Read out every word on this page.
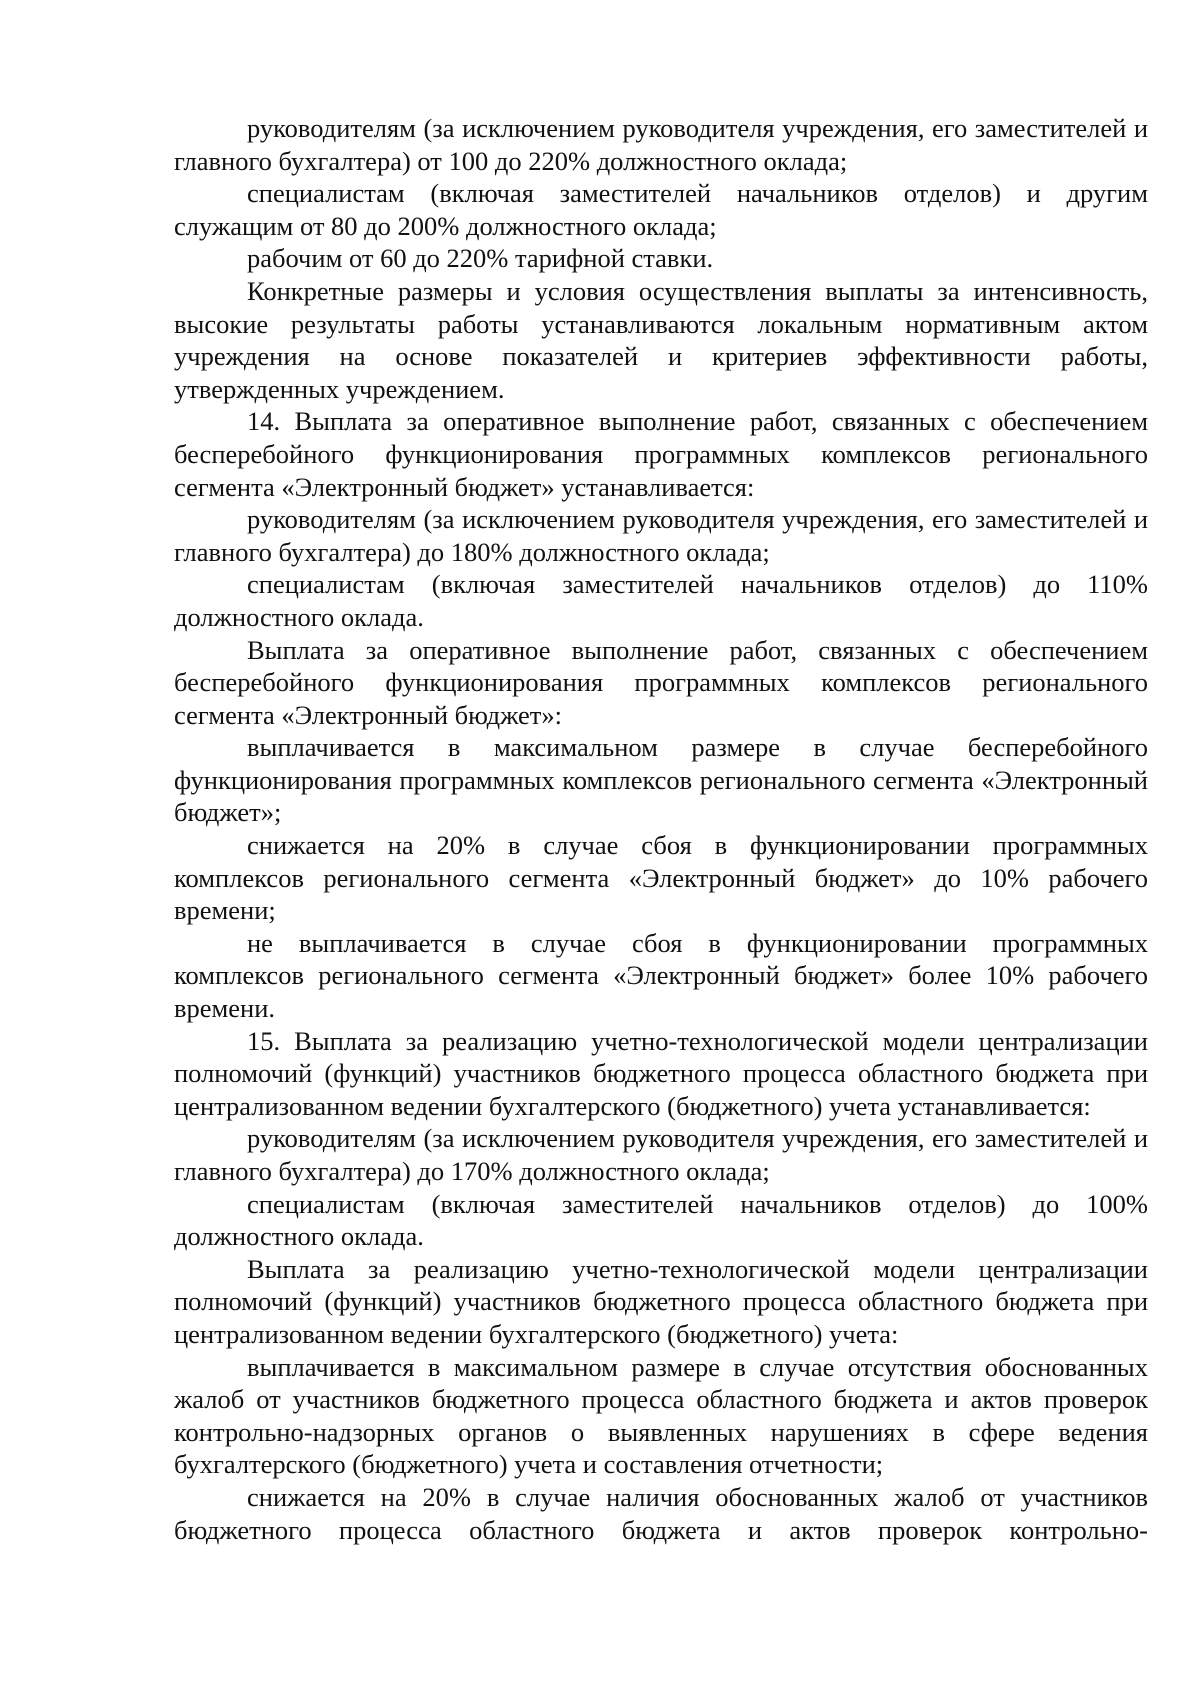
руководителям (за исключением руководителя учреждения, его заместителей и главного бухгалтера) от 100 до 220% должностного оклада;

специалистам (включая заместителей начальников отделов) и другим служащим от 80 до 200% должностного оклада;

рабочим от 60 до 220% тарифной ставки.

Конкретные размеры и условия осуществления выплаты за интенсивность, высокие результаты работы устанавливаются локальным нормативным актом учреждения на основе показателей и критериев эффективности работы, утвержденных учреждением.

14. Выплата за оперативное выполнение работ, связанных с обеспечением бесперебойного функционирования программных комплексов регионального сегмента «Электронный бюджет» устанавливается:

руководителям (за исключением руководителя учреждения, его заместителей и главного бухгалтера) до 180% должностного оклада;

специалистам (включая заместителей начальников отделов) до 110% должностного оклада.

Выплата за оперативное выполнение работ, связанных с обеспечением бесперебойного функционирования программных комплексов регионального сегмента «Электронный бюджет»:

выплачивается в максимальном размере в случае бесперебойного функционирования программных комплексов регионального сегмента «Электронный бюджет»;

снижается на 20% в случае сбоя в функционировании программных комплексов регионального сегмента «Электронный бюджет» до 10% рабочего времени;

не выплачивается в случае сбоя в функционировании программных комплексов регионального сегмента «Электронный бюджет» более 10% рабочего времени.

15. Выплата за реализацию учетно-технологической модели централизации полномочий (функций) участников бюджетного процесса областного бюджета при централизованном ведении бухгалтерского (бюджетного) учета устанавливается:

руководителям (за исключением руководителя учреждения, его заместителей и главного бухгалтера) до 170% должностного оклада;

специалистам (включая заместителей начальников отделов) до 100% должностного оклада.

Выплата за реализацию учетно-технологической модели централизации полномочий (функций) участников бюджетного процесса областного бюджета при централизованном ведении бухгалтерского (бюджетного) учета:

выплачивается в максимальном размере в случае отсутствия обоснованных жалоб от участников бюджетного процесса областного бюджета и актов проверок контрольно-надзорных органов о выявленных нарушениях в сфере ведения бухгалтерского (бюджетного) учета и составления отчетности;

снижается на 20% в случае наличия обоснованных жалоб от участников бюджетного процесса областного бюджета и актов проверок контрольно-
